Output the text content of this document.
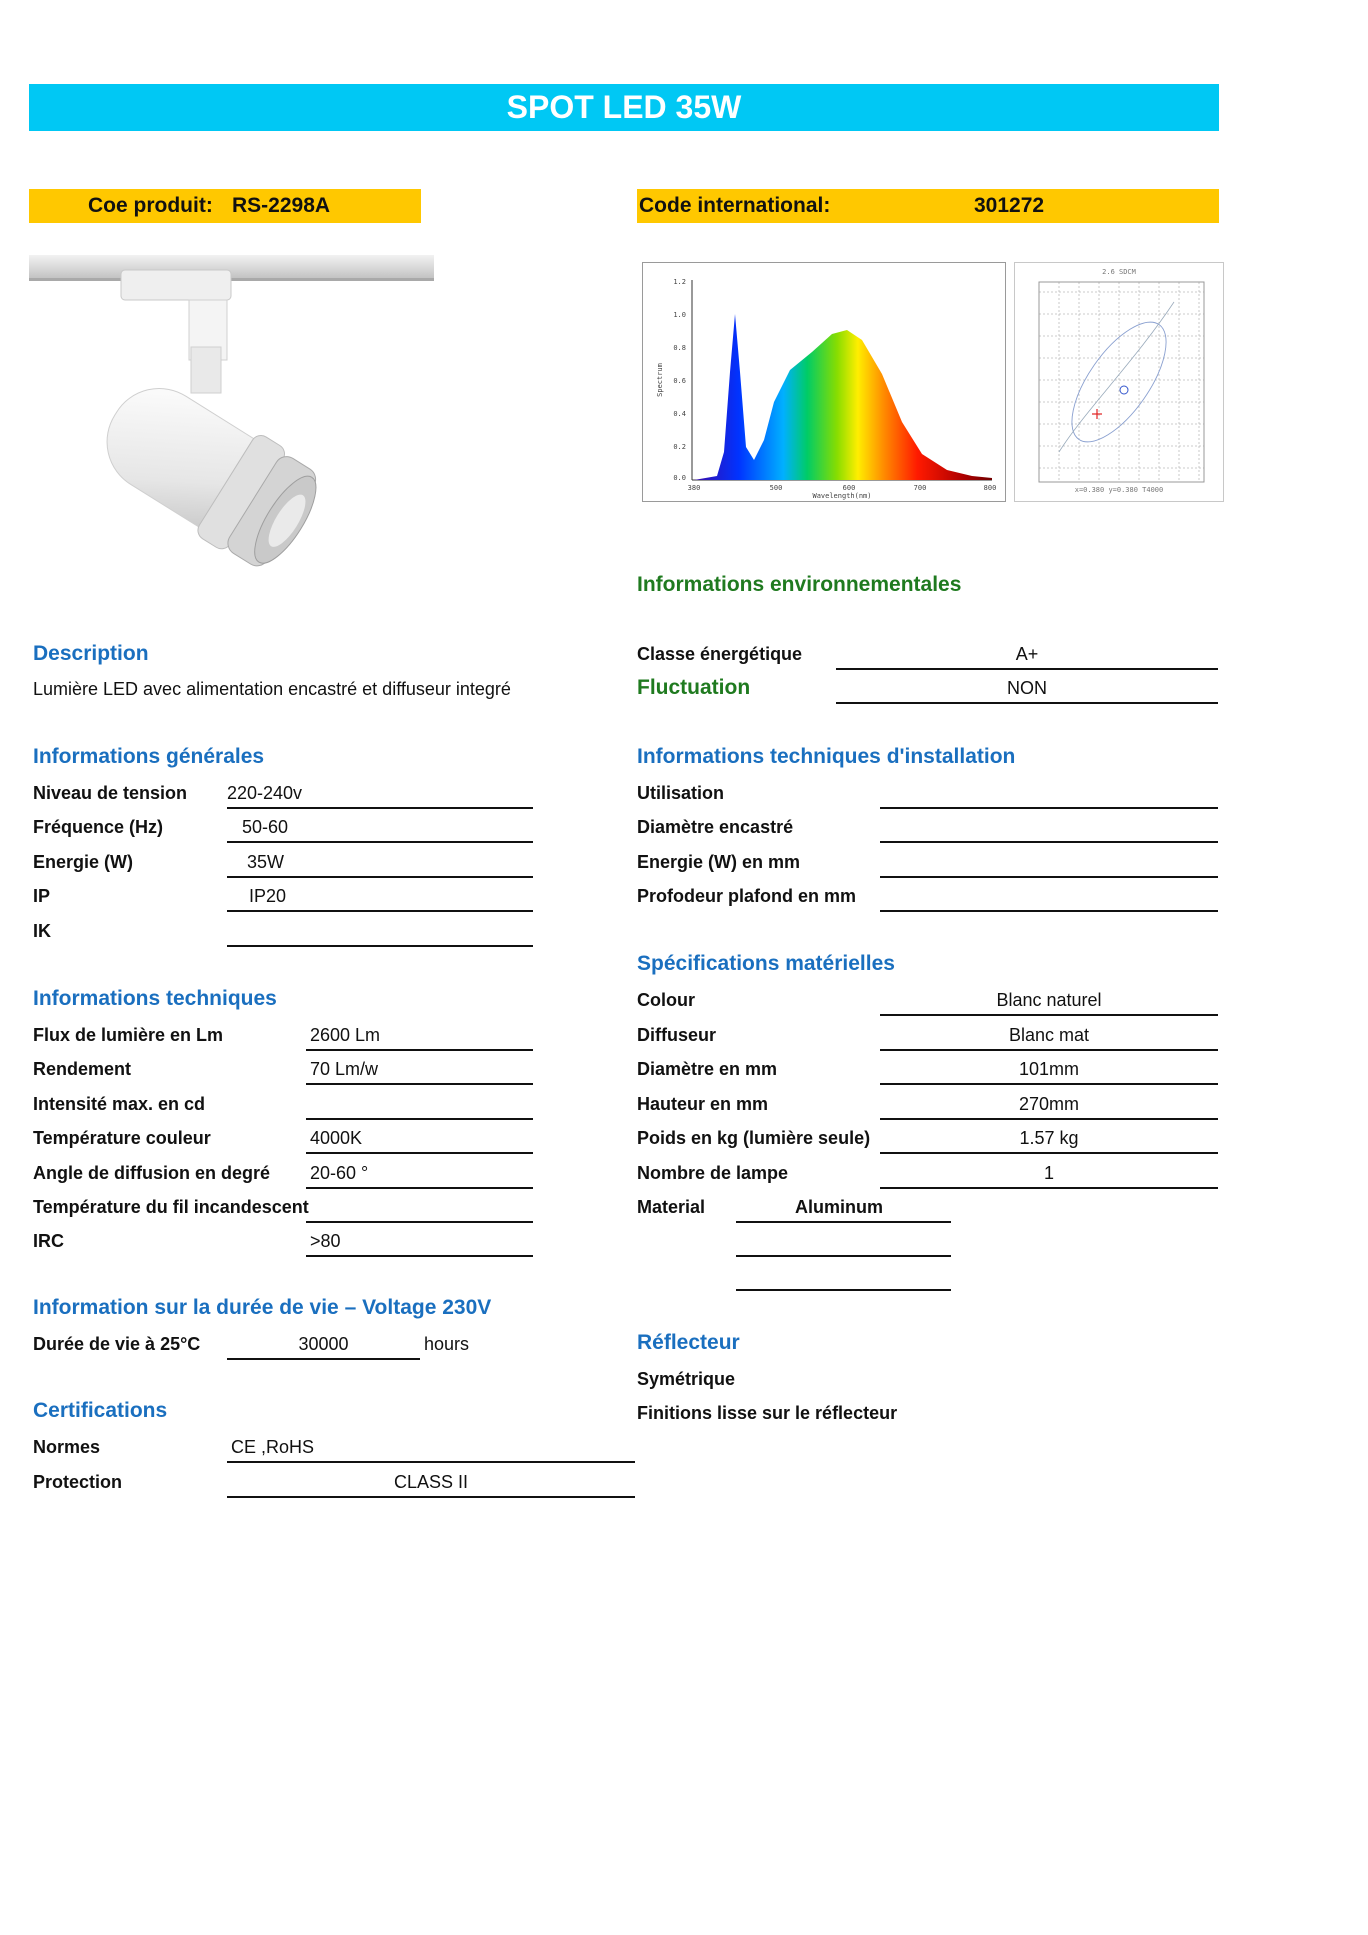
SPOT LED 35W
Coe produit: RS-2298A	Code international:	301272
1.2
1.0
0.8
0.6
0.4
0.2
0.0
380	500	600	700	800
Wavelength(nm)
Spectrum
2.6 SDCM
x=0.380 y=0.380 T4000
Informations environnementales
Classe énergétique	A+
Fluctuation	NON
Description
Lumière LED avec alimentation encastré et diffuseur integré
Informations générales
Niveau de tension 220-240v
Fréquence (Hz)	50-60
Energie (W)	35W
IP	IP20
IK
Informations techniques d'installation
Utilisation
Diamètre encastré
Energie (W) en mm
Profodeur plafond en mm
Informations techniques
Flux de lumière en Lm	2600 Lm
Rendement	70 Lm/w
Intensité max. en cd
Température couleur	4000K
Angle de diffusion en degré 20-60 °
Température du fil incandescent
IRC	>80
Spécifications matérielles
Colour	Blanc naturel
Diffuseur	Blanc mat
Diamètre en mm	101mm
Hauteur en mm	270mm
Poids en kg (lumière seule)	1.57 kg
Nombre de lampe	1
Material	Aluminum
Information sur la durée de vie – Voltage 230V
Durée de vie à 25°C	30000	hours	Réflecteur
Symétrique
Finitions lisse sur le réflecteur
Certifications
Normes	CE ,RoHS
Protection	CLASS II
